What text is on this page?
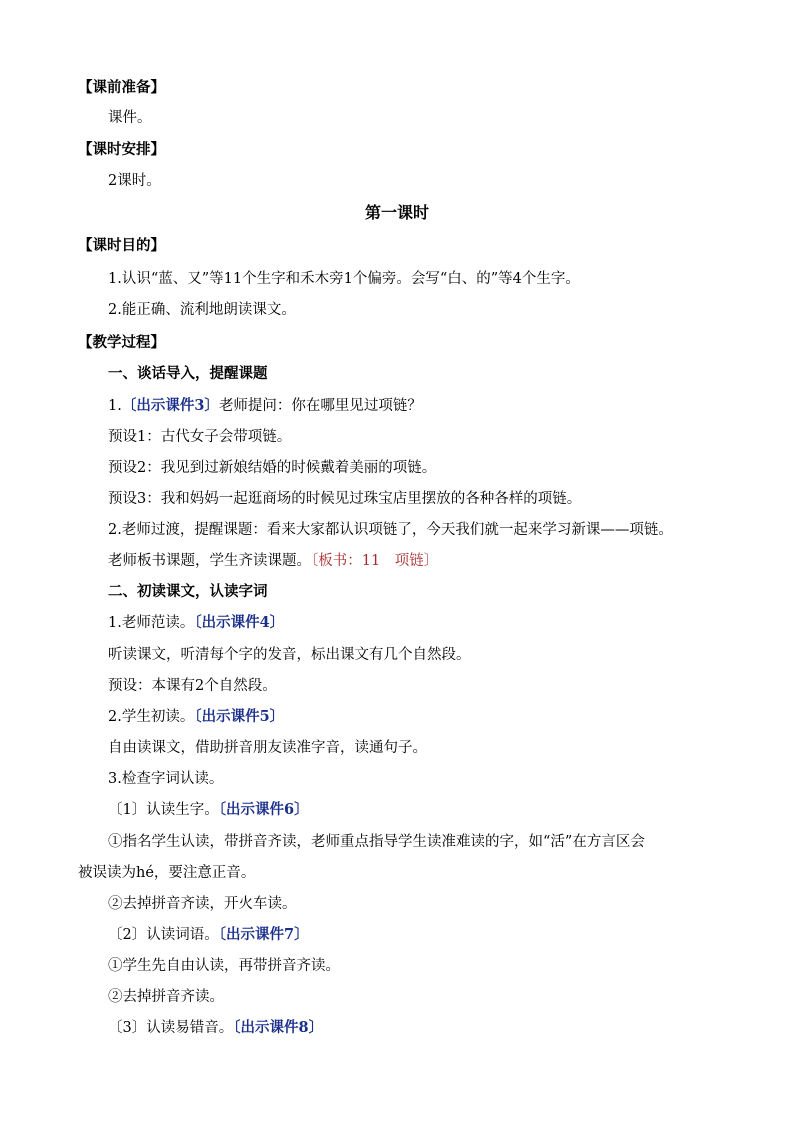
【课前准备】
课件。
【课时安排】
2课时。
第一课时
【课时目的】
1.认识“蓝、又”等11个生字和禾木旁1个偏旁。会写“白、的”等4个生字。
2.能正确、流利地朗读课文。
【教学过程】
一、谈话导入，提醒课题
1.〔出示课件3〕老师提问：你在哪里见过项链？
预设1：古代女子会带项链。
预设2：我见到过新娘结婚的时候戴着美丽的项链。
预设3：我和妈妈一起逛商场的时候见过珠宝店里摆放的各种各样的项链。
2.老师过渡，提醒课题：看来大家都认识项链了，今天我们就一起来学习新课——项链。
老师板书课题，学生齐读课题。〔板书：11　项链〕
二、初读课文，认读字词
1.老师范读。〔出示课件4〕
听读课文，听清每个字的发音，标出课文有几个自然段。
预设：本课有2个自然段。
2.学生初读。〔出示课件5〕
自由读课文，借助拼音朋友读准字音，读通句子。
3.检查字词认读。
〔1〕认读生字。〔出示课件6〕
①指名学生认读，带拼音齐读，老师重点指导学生读准难读的字，如“活”在方言区会
被误读为hé，要注意正音。
②去掉拼音齐读，开火车读。
〔2〕认读词语。〔出示课件7〕
①学生先自由认读，再带拼音齐读。
②去掉拼音齐读。
〔3〕认读易错音。〔出示课件8〕
